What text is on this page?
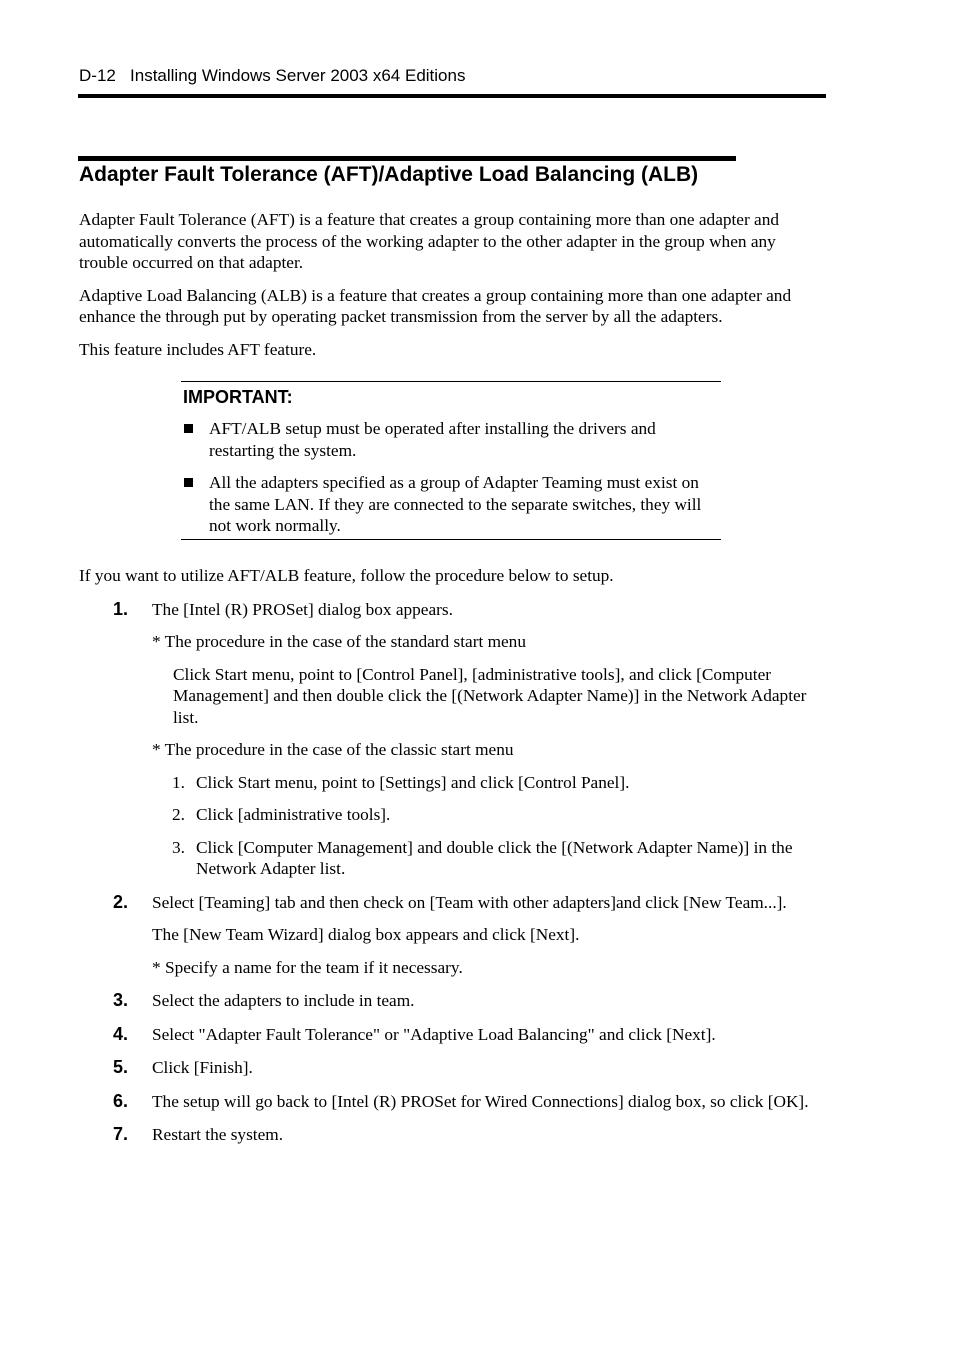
D-12   Installing Windows Server 2003 x64 Editions
Adapter Fault Tolerance (AFT)/Adaptive Load Balancing (ALB)

Adapter Fault Tolerance (AFT) is a feature that creates a group containing more than one adapter and automatically converts the process of the working adapter to the other adapter in the group when any trouble occurred on that adapter.

Adaptive Load Balancing (ALB) is a feature that creates a group containing more than one adapter and enhance the through put by operating packet transmission from the server by all the adapters.

This feature includes AFT feature.

IMPORTANT:
AFT/ALB setup must be operated after installing the drivers and restarting the system.
All the adapters specified as a group of Adapter Teaming must exist on the same LAN. If they are connected to the separate switches, they will not work normally.

If you want to utilize AFT/ALB feature, follow the procedure below to setup.

1. The [Intel (R) PROSet] dialog box appears.

* The procedure in the case of the standard start menu

Click Start menu, point to [Control Panel], [administrative tools], and click [Computer Management] and then double click the [(Network Adapter Name)] in the Network Adapter list.

* The procedure in the case of the classic start menu

1. Click Start menu, point to [Settings] and click [Control Panel].
2. Click [administrative tools].
3. Click [Computer Management] and double click the [(Network Adapter Name)] in the Network Adapter list.
2. Select [Teaming] tab and then check on [Team with other adapters]and click [New Team...].

The [New Team Wizard] dialog box appears and click [Next].

* Specify a name for the team if it necessary.

3. Select the adapters to include in team.

4. Select "Adapter Fault Tolerance" or "Adaptive Load Balancing" and click [Next].

5. Click [Finish].

6. The setup will go back to [Intel (R) PROSet for Wired Connections] dialog box, so click [OK].

7. Restart the system.
